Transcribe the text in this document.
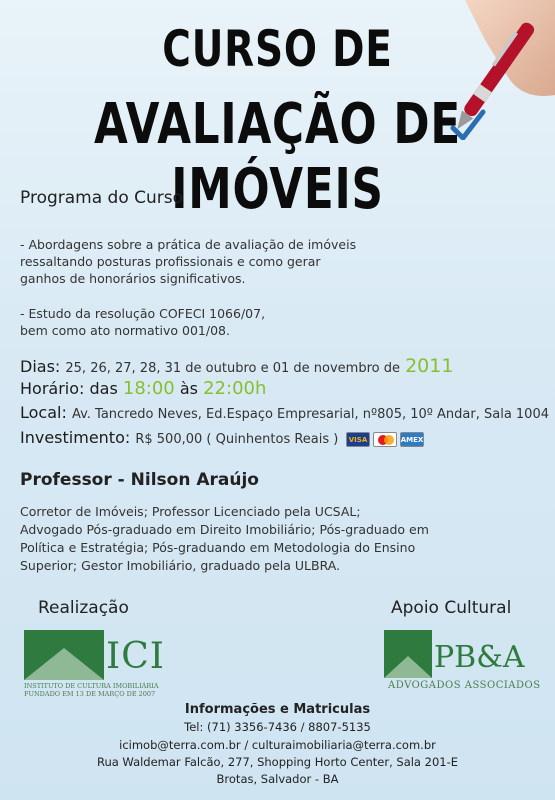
CURSO DE
AVALIAÇÃO DE IMÓVEIS
Programa do Curso
- Abordagens sobre a prática de avaliação de imóveis
ressaltando posturas profissionais e como gerar
ganhos de honorários significativos.
- Estudo da resolução COFECI 1066/07,
bem como ato normativo 001/08.
Dias: 25, 26, 27, 28, 31 de outubro e 01 de novembro de 2011
Horário: das 18:00 às 22:00h
Local: Av. Tancredo Neves, Ed.Espaço Empresarial, nº805, 10º Andar, Sala 1004
Investimento: R$ 500,00 ( Quinhentos Reais )	VISA	AMEX
Professor - Nilson Araújo
Corretor de Imóveis; Professor Licenciado pela UCSAL;
Advogado Pós-graduado em Direito Imobiliário; Pós-graduado em
Política e Estratégia; Pós-graduando em Metodologia do Ensino
Superior; Gestor Imobiliário, graduado pela ULBRA.
Realização	Apoio Cultural
ICI
INSTITUTO DE CULTURA IMOBILIÁRIA
FUNDADO EM 13 DE MARÇO DE 2007
PB&A
ADVOGADOS ASSOCIADOS
Informações e Matriculas
Tel: (71) 3356-7436 / 8807-5135
icimob@terra.com.br / culturaimobiliaria@terra.com.br
Rua Waldemar Falcão, 277, Shopping Horto Center, Sala 201-E
Brotas, Salvador - BA
